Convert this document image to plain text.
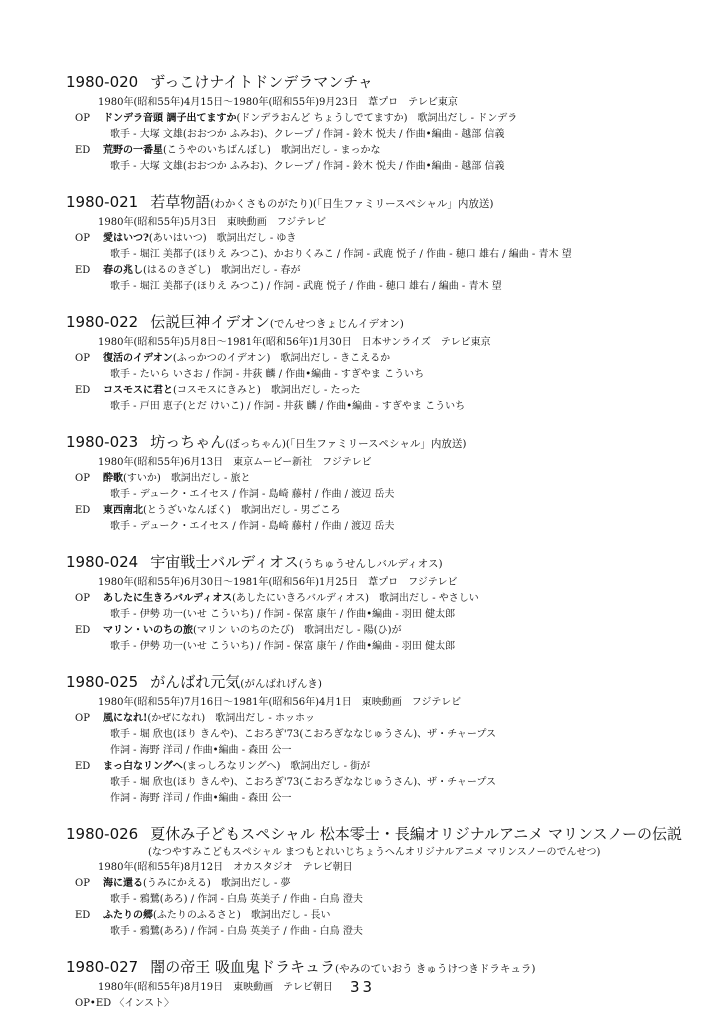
1980-020 ずっこけナイトドンデラマンチャ
1980年(昭和55年)4月15日〜1980年(昭和55年)9月23日　葦プロ　テレビ東京
OP	ドンデラ音頭 調子出てますか(ドンデラおんど ちょうしでてますか) 歌詞出だし - ドンデラ
歌手 - 大塚 文雄(おおつか ふみお)、クレープ / 作詞 - 鈴木 悦夫 / 作曲•編曲 - 越部 信義
ED	荒野の一番星(こうやのいちばんぼし) 歌詞出だし - まっかな
歌手 - 大塚 文雄(おおつか ふみお)、クレープ / 作詞 - 鈴木 悦夫 / 作曲•編曲 - 越部 信義
1980-021 若草物語(わかくさものがたり)(「日生ファミリースペシャル」内放送)
1980年(昭和55年)5月3日　東映動画　フジテレビ
OP	愛はいつ?(あいはいつ) 歌詞出だし - ゆき
歌手 - 堀江 美都子(ほりえ みつこ)、かおりくみこ / 作詞 - 武鹿 悦子 / 作曲 - 穂口 雄右 / 編曲 - 青木 望
ED	春の兆し(はるのきざし) 歌詞出だし - 春が
歌手 - 堀江 美都子(ほりえ みつこ) / 作詞 - 武鹿 悦子 / 作曲 - 穂口 雄右 / 編曲 - 青木 望
1980-022 伝説巨神イデオン(でんせつきょじんイデオン)
1980年(昭和55年)5月8日〜1981年(昭和56年)1月30日　日本サンライズ　テレビ東京
OP	復活のイデオン(ふっかつのイデオン) 歌詞出だし - きこえるか
歌手 - たいら いさお / 作詞 - 井荻 麟 / 作曲•編曲 - すぎやま こういち
ED	コスモスに君と(コスモスにきみと) 歌詞出だし - たった
歌手 - 戸田 恵子(とだ けいこ) / 作詞 - 井荻 麟 / 作曲•編曲 - すぎやま こういち
1980-023 坊っちゃん(ぼっちゃん)(「日生ファミリースペシャル」内放送)
1980年(昭和55年)6月13日　東京ムービー新社　フジテレビ
OP	酔歌(すいか) 歌詞出だし - 旅と
歌手 - デューク・エイセス / 作詞 - 島崎 藤村 / 作曲 / 渡辺 岳夫
ED	東西南北(とうざいなんぼく) 歌詞出だし - 男ごころ
歌手 - デューク・エイセス / 作詞 - 島崎 藤村 / 作曲 / 渡辺 岳夫
1980-024 宇宙戦士バルディオス(うちゅうせんしバルディオス)
1980年(昭和55年)6月30日〜1981年(昭和56年)1月25日　葦プロ　フジテレビ
OP	あしたに生きろバルディオス(あしたにいきろバルディオス) 歌詞出だし - やさしい
歌手 - 伊勢 功一(いせ こういち) / 作詞 - 保富 康午 / 作曲•編曲 - 羽田 健太郎
ED	マリン・いのちの旅(マリン いのちのたび) 歌詞出だし - 陽(ひ)が
歌手 - 伊勢 功一(いせ こういち) / 作詞 - 保富 康午 / 作曲•編曲 - 羽田 健太郎
1980-025 がんばれ元気(がんばれげんき)
1980年(昭和55年)7月16日〜1981年(昭和56年)4月1日　東映動画　フジテレビ
OP	風になれ!(かぜになれ) 歌詞出だし - ホッホッ
歌手 - 堀 欣也(ほり きんや)、こおろぎ'73(こおろぎななじゅうさん)、ザ・チャープス
作詞 - 海野 洋司 / 作曲•編曲 - 森田 公一
ED	まっ白なリングへ(まっしろなリングへ) 歌詞出だし - 街が
歌手 - 堀 欣也(ほり きんや)、こおろぎ'73(こおろぎななじゅうさん)、ザ・チャープス
作詞 - 海野 洋司 / 作曲•編曲 - 森田 公一
1980-026 夏休み子どもスペシャル 松本零士・長編オリジナルアニメ マリンスノーの伝説
(なつやすみこどもスペシャル まつもとれいじちょうへんオリジナルアニメ マリンスノーのでんせつ)
1980年(昭和55年)8月12日　オカスタジオ　テレビ朝日
OP	海に還る(うみにかえる) 歌詞出だし - 夢
歌手 - 鴉鷺(あろ) / 作詞 - 白鳥 英美子 / 作曲 - 白鳥 澄夫
ED	ふたりの郷(ふたりのふるさと) 歌詞出だし - 長い
歌手 - 鴉鷺(あろ) / 作詞 - 白鳥 英美子 / 作曲 - 白鳥 澄夫
1980-027 闇の帝王 吸血鬼ドラキュラ(やみのていおう きゅうけつきドラキュラ)
1980年(昭和55年)8月19日　東映動画　テレビ朝日
OP•ED 〈インスト〉
33
